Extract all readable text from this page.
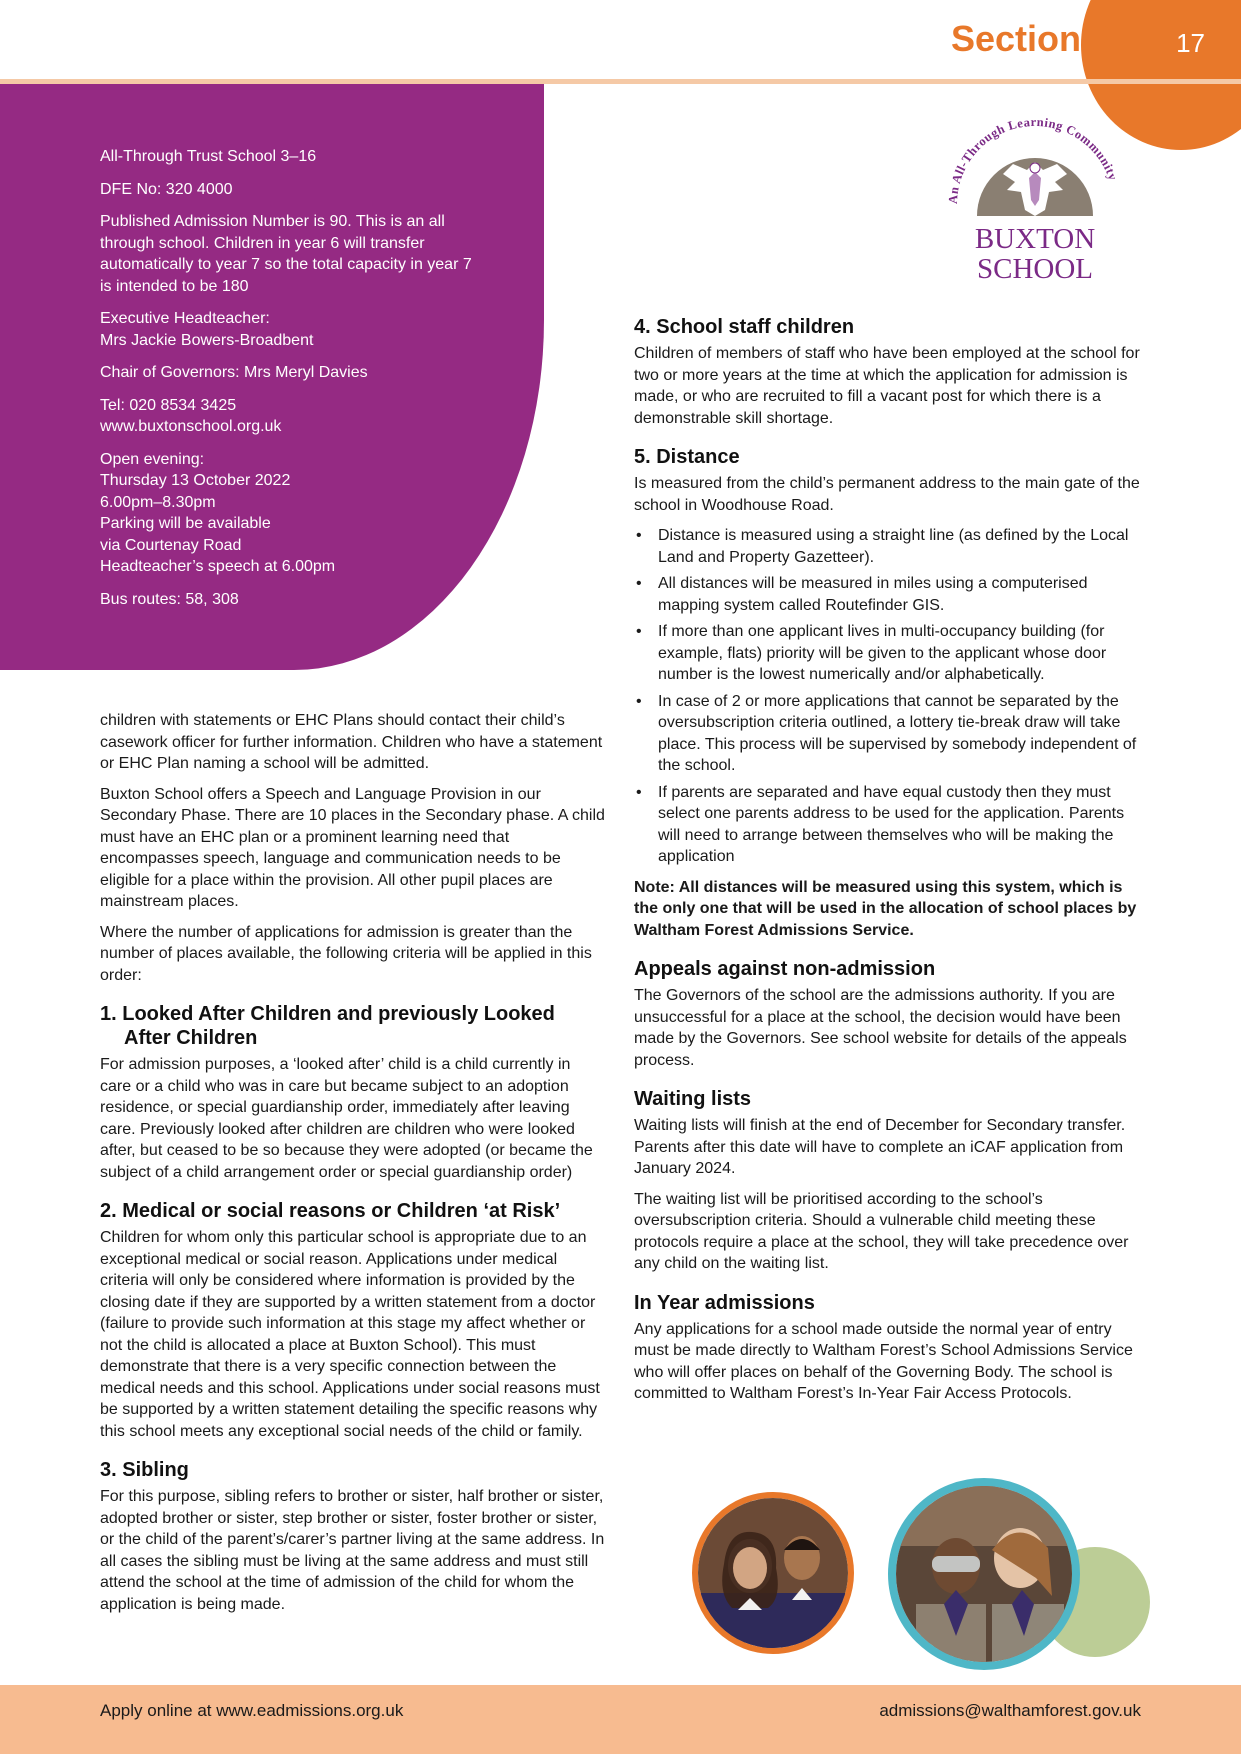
17
Section 3

All-Through Trust School 3–16

DFE No: 320 4000

Published Admission Number is 90. This is an all through school. Children in year 6 will transfer automatically to year 7 so the total capacity in year 7 is intended to be 180

Executive Headteacher:
Mrs Jackie Bowers-Broadbent

Chair of Governors: Mrs Meryl Davies

Tel: 020 8534 3425
www.buxtonschool.org.uk

Open evening:
Thursday 13 October 2022
6.00pm–8.30pm
Parking will be available
via Courtenay Road
Headteacher’s speech at 6.00pm

Bus routes: 58, 308

An All-Through Learning Community
BUXTON
SCHOOL

children with statements or EHC Plans should contact their child’s casework officer for further information. Children who have a statement or EHC Plan naming a school will be admitted.

Buxton School offers a Speech and Language Provision in our Secondary Phase. There are 10 places in the Secondary phase. A child must have an EHC plan or a prominent learning need that encompasses speech, language and communication needs to be eligible for a place within the provision. All other pupil places are mainstream places.

Where the number of applications for admission is greater than the number of places available, the following criteria will be applied in this order:

1. Looked After Children and previously Looked After Children

For admission purposes, a ‘looked after’ child is a child currently in care or a child who was in care but became subject to an adoption residence, or special guardianship order, immediately after leaving care. Previously looked after children are children who were looked after, but ceased to be so because they were adopted (or became the subject of a child arrangement order or special guardianship order)

2. Medical or social reasons or Children ‘at Risk’

Children for whom only this particular school is appropriate due to an exceptional medical or social reason. Applications under medical criteria will only be considered where information is provided by the closing date if they are supported by a written statement from a doctor (failure to provide such information at this stage my affect whether or not the child is allocated a place at Buxton School). This must demonstrate that there is a very specific connection between the medical needs and this school. Applications under social reasons must be supported by a written statement detailing the specific reasons why this school meets any exceptional social needs of the child or family.

3. Sibling

For this purpose, sibling refers to brother or sister, half brother or sister, adopted brother or sister, step brother or sister, foster brother or sister, or the child of the parent’s/carer’s partner living at the same address. In all cases the sibling must be living at the same address and must still attend the school at the time of admission of the child for whom the application is being made.

4. School staff children

Children of members of staff who have been employed at the school for two or more years at the time at which the application for admission is made, or who are recruited to fill a vacant post for which there is a demonstrable skill shortage.

5. Distance

Is measured from the child’s permanent address to the main gate of the school in Woodhouse Road.

• Distance is measured using a straight line (as defined by the Local Land and Property Gazetteer).
• All distances will be measured in miles using a computerised mapping system called Routefinder GIS.
• If more than one applicant lives in multi-occupancy building (for example, flats) priority will be given to the applicant whose door number is the lowest numerically and/or alphabetically.
• In case of 2 or more applications that cannot be separated by the oversubscription criteria outlined, a lottery tie-break draw will take place. This process will be supervised by somebody independent of the school.
• If parents are separated and have equal custody then they must select one parents address to be used for the application. Parents will need to arrange between themselves who will be making the application

Note: All distances will be measured using this system, which is the only one that will be used in the allocation of school places by Waltham Forest Admissions Service.

Appeals against non-admission

The Governors of the school are the admissions authority. If you are unsuccessful for a place at the school, the decision would have been made by the Governors. See school website for details of the appeals process.

Waiting lists

Waiting lists will finish at the end of December for Secondary transfer. Parents after this date will have to complete an iCAF application from January 2024.

The waiting list will be prioritised according to the school’s oversubscription criteria. Should a vulnerable child meeting these protocols require a place at the school, they will take precedence over any child on the waiting list.

In Year admissions

Any applications for a school made outside the normal year of entry must be made directly to Waltham Forest’s School Admissions Service who will offer places on behalf of the Governing Body. The school is committed to Waltham Forest’s In-Year Fair Access Protocols.

Apply online at www.eadmissions.org.uk	admissions@walthamforest.gov.uk
